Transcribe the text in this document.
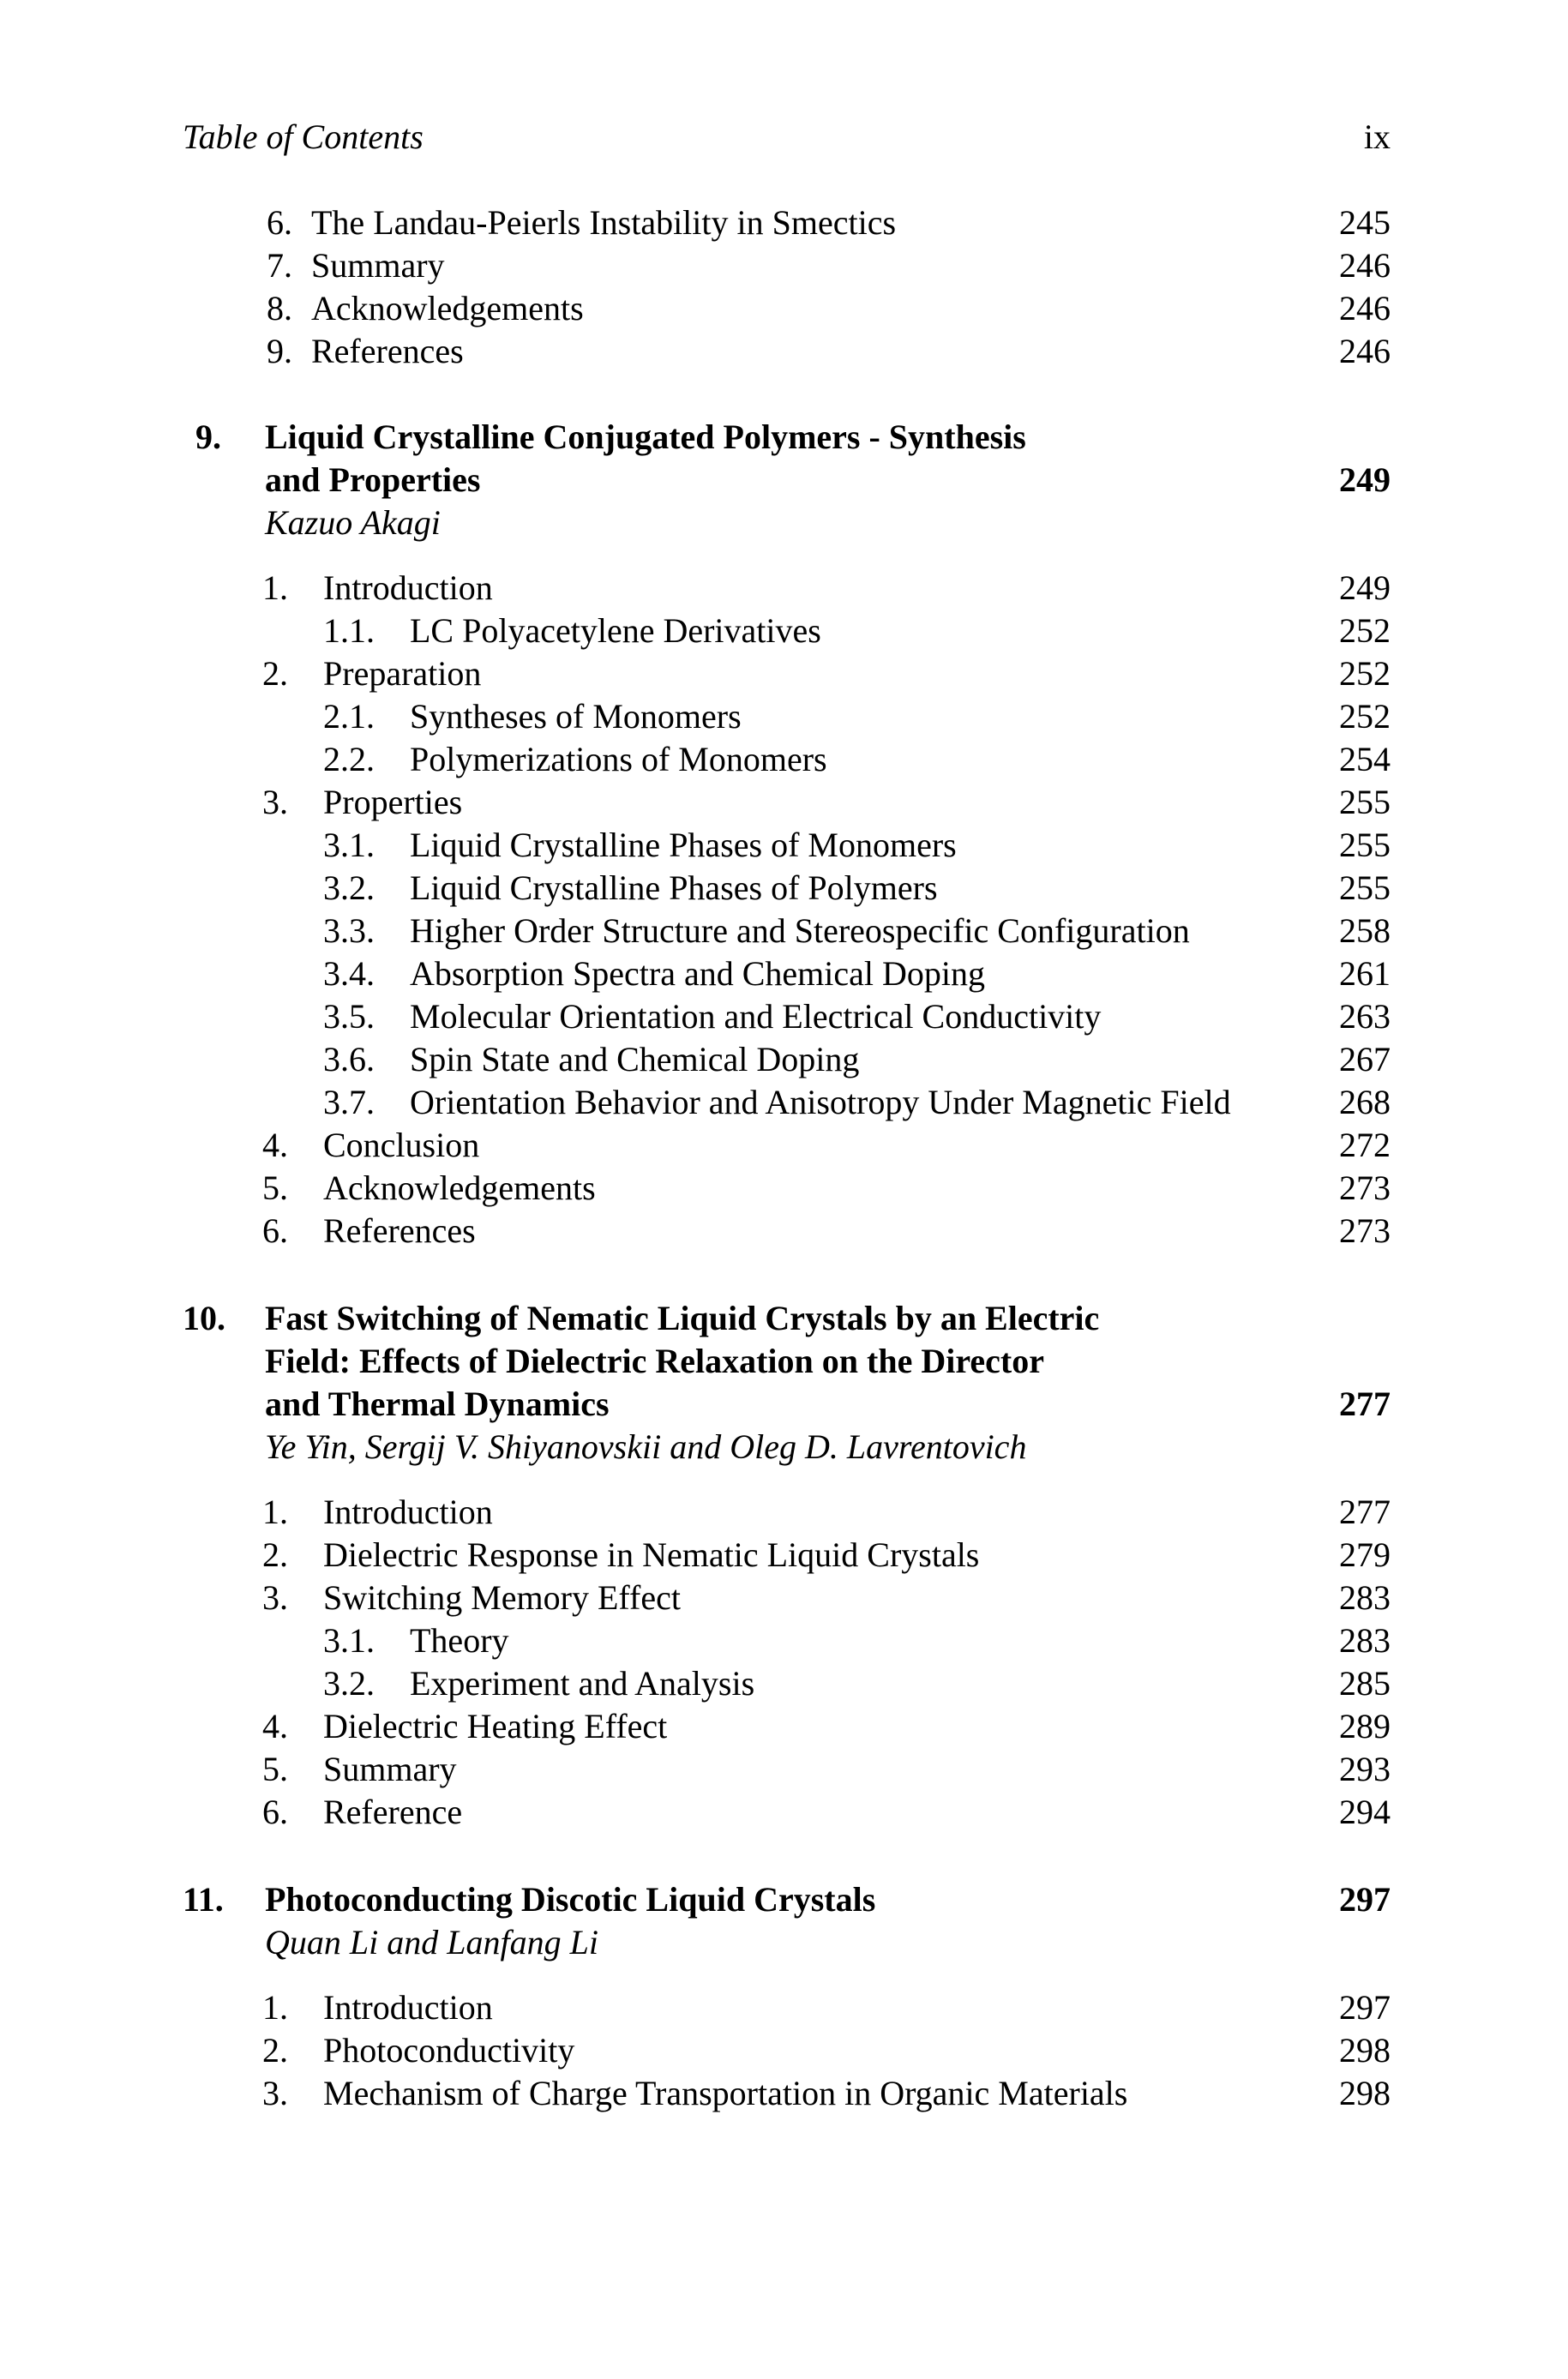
Table of Contents	ix
6. The Landau-Peierls Instability in Smectics	245
7. Summary	246
8. Acknowledgements	246
9. References	246
9. Liquid Crystalline Conjugated Polymers - Synthesis
and Properties	249
Kazuo Akagi
1. Introduction	249
1.1. LC Polyacetylene Derivatives	252
2. Preparation	252
2.1. Syntheses of Monomers	252
2.2. Polymerizations of Monomers	254
3. Properties	255
3.1. Liquid Crystalline Phases of Monomers	255
3.2. Liquid Crystalline Phases of Polymers	255
3.3. Higher Order Structure and Stereospecific Configuration	258
3.4. Absorption Spectra and Chemical Doping	261
3.5. Molecular Orientation and Electrical Conductivity	263
3.6. Spin State and Chemical Doping	267
3.7. Orientation Behavior and Anisotropy Under Magnetic Field	268
4. Conclusion	272
5. Acknowledgements	273
6. References	273
10. Fast Switching of Nematic Liquid Crystals by an Electric
Field: Effects of Dielectric Relaxation on the Director
and Thermal Dynamics	277
Ye Yin, Sergij V. Shiyanovskii and Oleg D. Lavrentovich
1. Introduction	277
2. Dielectric Response in Nematic Liquid Crystals	279
3. Switching Memory Effect	283
3.1. Theory	283
3.2. Experiment and Analysis	285
4. Dielectric Heating Effect	289
5. Summary	293
6. Reference	294
11. Photoconducting Discotic Liquid Crystals	297
Quan Li and Lanfang Li
1. Introduction	297
2. Photoconductivity	298
3. Mechanism of Charge Transportation in Organic Materials	298
